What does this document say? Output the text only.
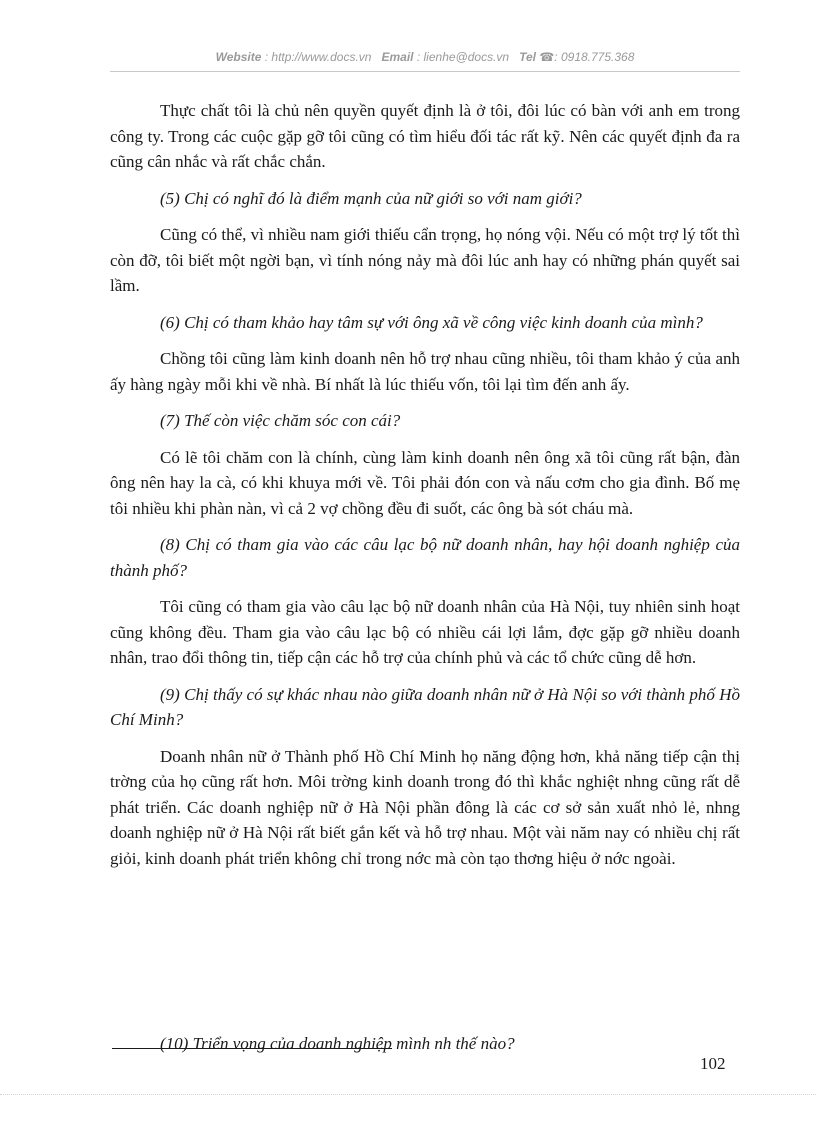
Website : http://www.docs.vn Email : lienhe@docs.vn Tel ☎: 0918.775.368

Thực chất tôi là chủ nên quyền quyết định là ở tôi, đôi lúc có bàn với anh em trong công ty. Trong các cuộc gặp gỡ tôi cũng có tìm hiểu đối tác rất kỹ. Nên các quyết định đa ra cũng cân nhắc và rất chắc chắn.

(5) Chị có nghĩ đó là điểm mạnh của nữ giới so với nam giới?

Cũng có thể, vì nhiều nam giới thiếu cẩn trọng, họ nóng vội. Nếu có một trợ lý tốt thì còn đỡ, tôi biết một ngời bạn, vì tính nóng nảy mà đôi lúc anh hay có những phán quyết sai lầm.

(6) Chị có tham khảo hay tâm sự với ông xã về công việc kinh doanh của mình?

Chồng tôi cũng làm kinh doanh nên hỗ trợ nhau cũng nhiều, tôi tham khảo ý của anh ấy hàng ngày mỗi khi về nhà. Bí nhất là lúc thiếu vốn, tôi lại tìm đến anh ấy.

(7) Thế còn việc chăm sóc con cái?

Có lẽ tôi chăm con là chính, cùng làm kinh doanh nên ông xã tôi cũng rất bận, đàn ông nên hay la cà, có khi khuya mới về. Tôi phải đón con và nấu cơm cho gia đình. Bố mẹ tôi nhiều khi phàn nàn, vì cả 2 vợ chồng đều đi suốt, các ông bà sót cháu mà.

(8) Chị có tham gia vào các câu lạc bộ nữ doanh nhân, hay hội doanh nghiệp của thành phố?

Tôi cũng có tham gia vào câu lạc bộ nữ doanh nhân của Hà Nội, tuy nhiên sinh hoạt cũng không đều. Tham gia vào câu lạc bộ có nhiều cái lợi lắm, đợc gặp gỡ nhiều doanh nhân, trao đổi thông tin, tiếp cận các hỗ trợ của chính phủ và các tổ chức cũng dễ hơn.

(9) Chị thấy có sự khác nhau nào giữa doanh nhân nữ ở Hà Nội so với thành phố Hồ Chí Minh?

Doanh nhân nữ ở Thành phố Hồ Chí Minh họ năng động hơn, khả năng tiếp cận thị trờng của họ cũng rất hơn. Môi trờng kinh doanh trong đó thì khắc nghiệt nhng cũng rất dễ phát triển. Các doanh nghiệp nữ ở Hà Nội phần đông là các cơ sở sản xuất nhỏ lẻ, nhng doanh nghiệp nữ ở Hà Nội rất biết gắn kết và hỗ trợ nhau. Một vài năm nay có nhiều chị rất giỏi, kinh doanh phát triển không chỉ trong nớc mà còn tạo thơng hiệu ở nớc ngoài.

(10) Triển vọng của doanh nghiệp mình nh thế nào?
102
